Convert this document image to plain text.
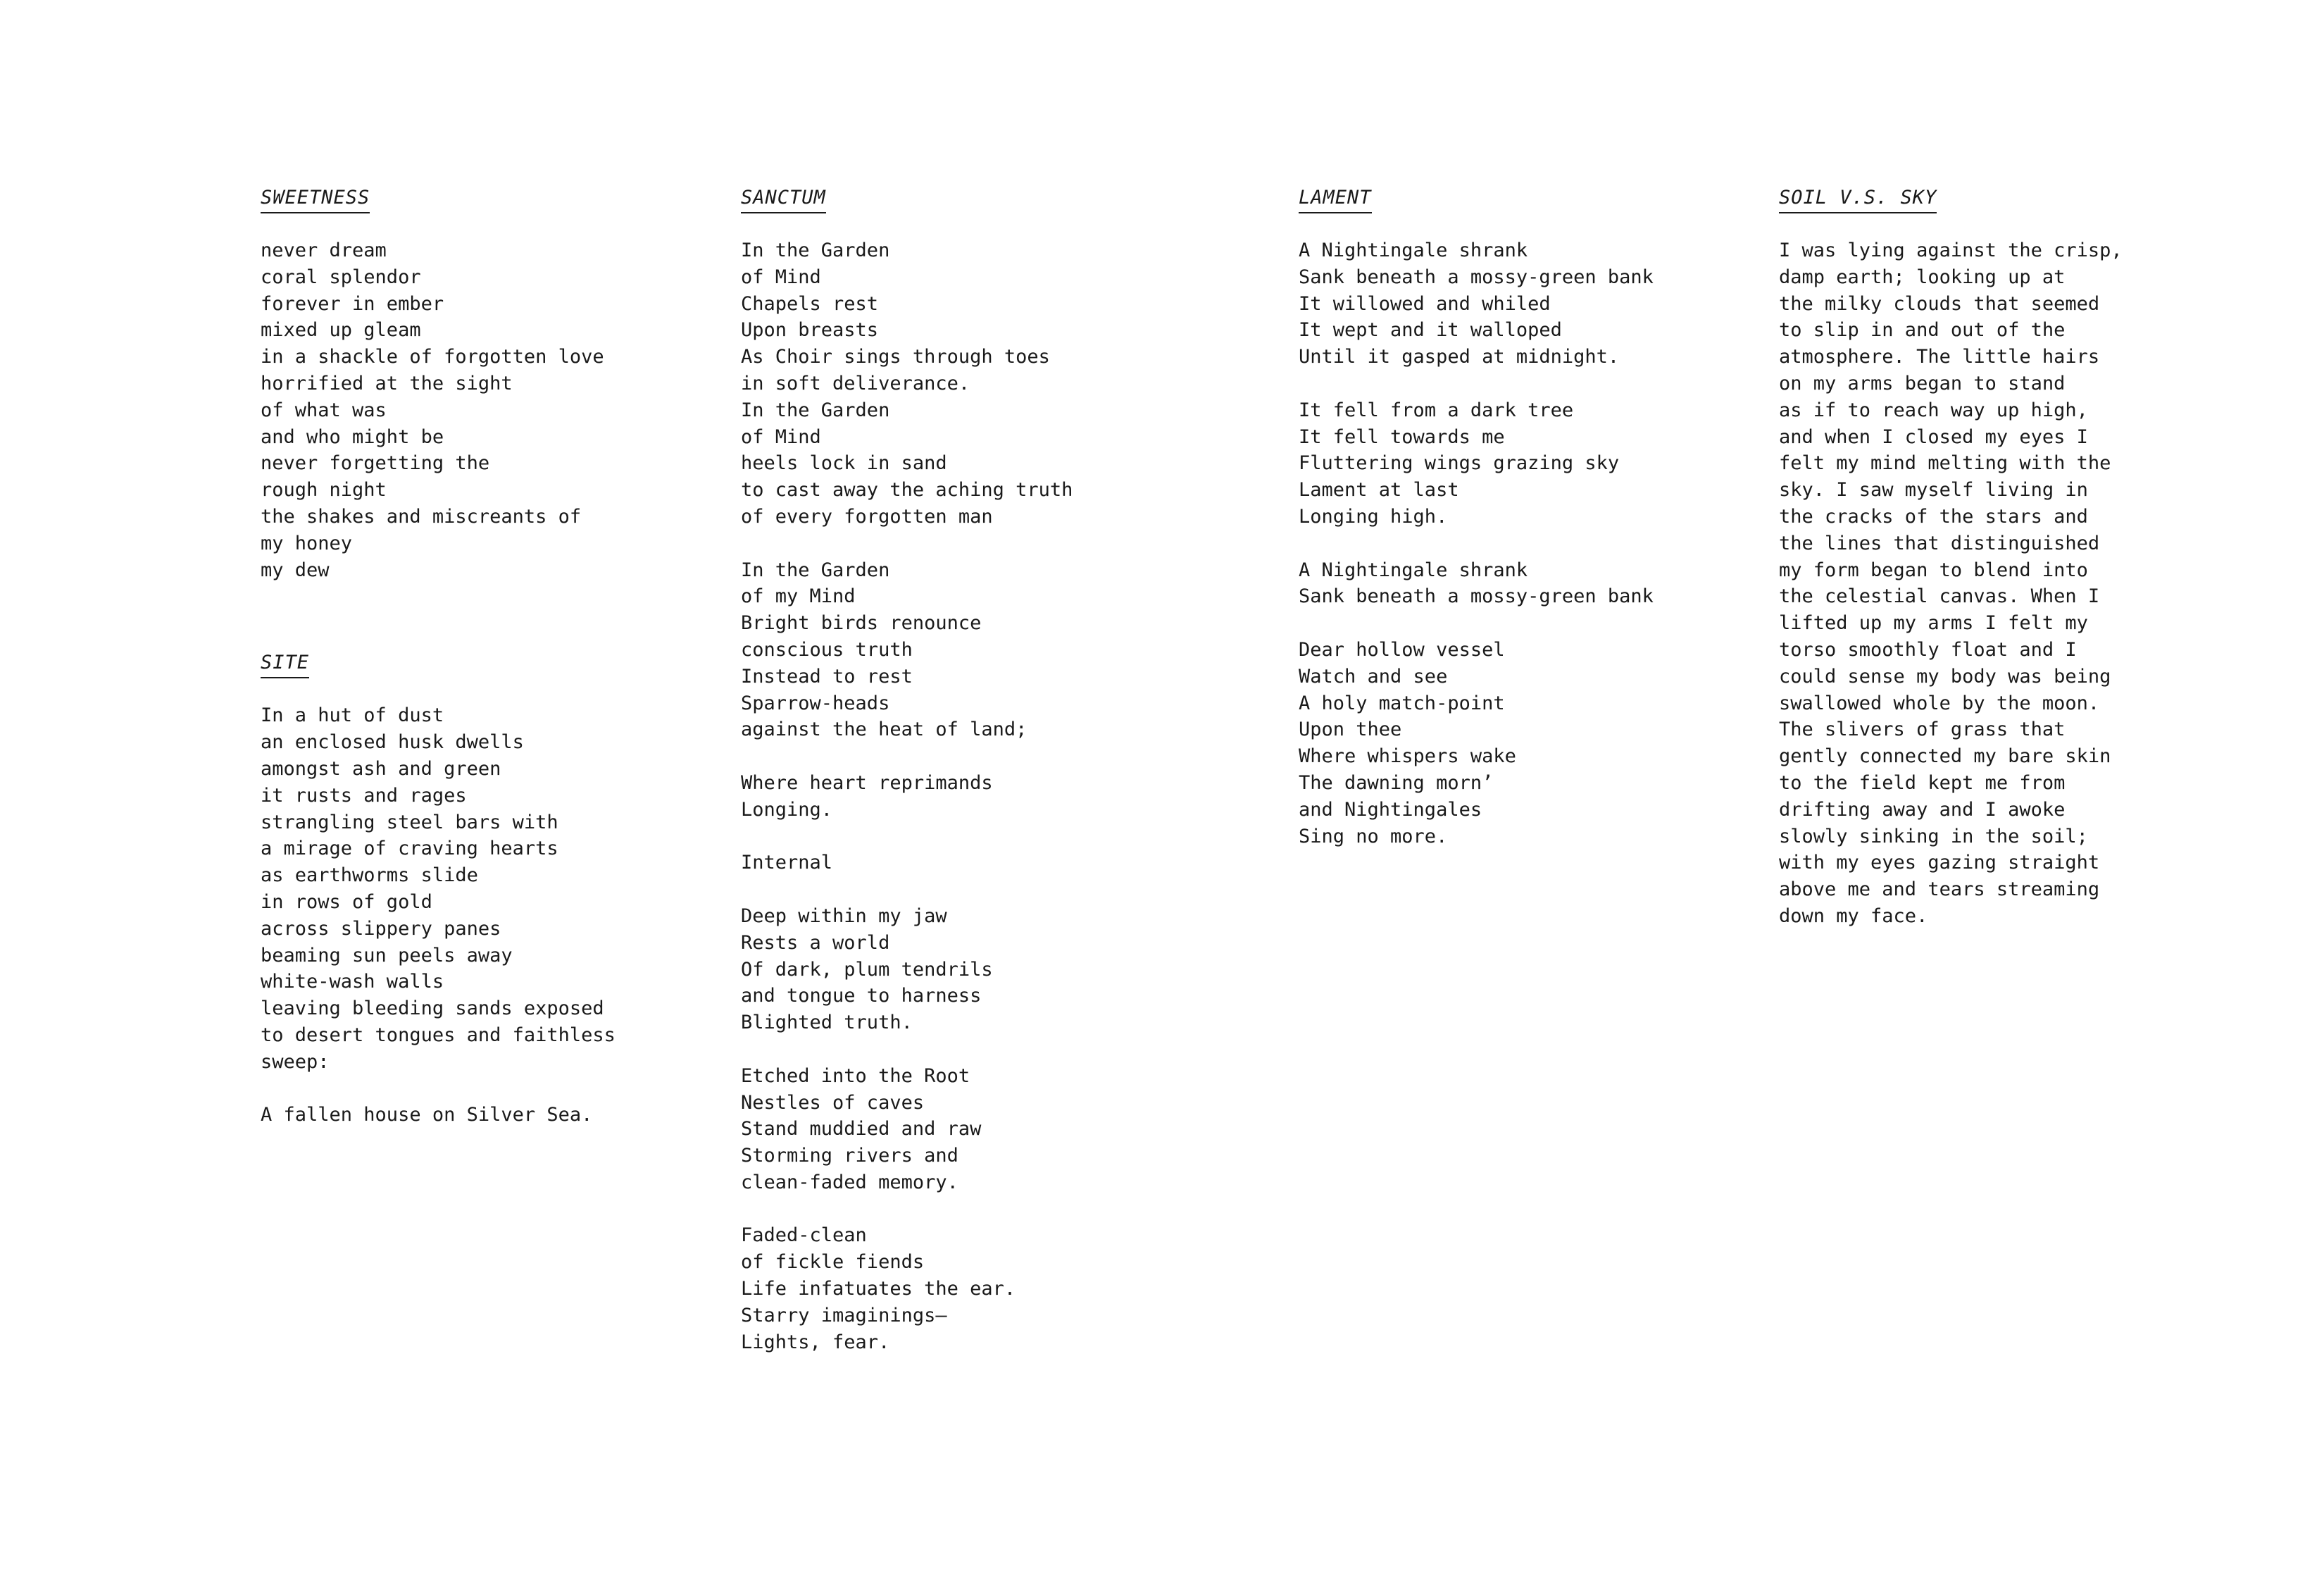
SWEETNESS
never dream
coral splendor
forever in ember
mixed up gleam
in a shackle of forgotten love
horrified at the sight
of what was
and who might be
never forgetting the
rough night
the shakes and miscreants of
my honey
my dew
SITE
In a hut of dust
an enclosed husk dwells
amongst ash and green
it rusts and rages
strangling steel bars with
a mirage of craving hearts
as earthworms slide
in rows of gold
across slippery panes
beaming sun peels away
white-wash walls
leaving bleeding sands exposed
to desert tongues and faithless
sweep:
A fallen house on Silver Sea.
SANCTUM
In the Garden
of Mind
Chapels rest
Upon breasts
As Choir sings through toes
in soft deliverance.
In the Garden
of Mind
heels lock in sand
to cast away the aching truth
of every forgotten man
In the Garden
of my Mind
Bright birds renounce
conscious truth
Instead to rest
Sparrow-heads
against the heat of land;
Where heart reprimands
Longing.
Internal
Deep within my jaw
Rests a world
Of dark, plum tendrils
and tongue to harness
Blighted truth.
Etched into the Root
Nestles of caves
Stand muddied and raw
Storming rivers and
clean-faded memory.
Faded-clean
of fickle fiends
Life infatuates the ear.
Starry imaginings—
Lights, fear.
LAMENT
A Nightingale shrank
Sank beneath a mossy-green bank
It willowed and whiled
It wept and it walloped
Until it gasped at midnight.
It fell from a dark tree
It fell towards me
Fluttering wings grazing sky
Lament at last
Longing high.
A Nightingale shrank
Sank beneath a mossy-green bank
Dear hollow vessel
Watch and see
A holy match-point
Upon thee
Where whispers wake
The dawning morn’
and Nightingales
Sing no more.
SOIL V.S. SKY
I was lying against the crisp,
damp earth; looking up at
the milky clouds that seemed
to slip in and out of the
atmosphere. The little hairs
on my arms began to stand
as if to reach way up high,
and when I closed my eyes I
felt my mind melting with the
sky. I saw myself living in
the cracks of the stars and
the lines that distinguished
my form began to blend into
the celestial canvas. When I
lifted up my arms I felt my
torso smoothly float and I
could sense my body was being
swallowed whole by the moon.
The slivers of grass that
gently connected my bare skin
to the field kept me from
drifting away and I awoke
slowly sinking in the soil;
with my eyes gazing straight
above me and tears streaming
down my face.
